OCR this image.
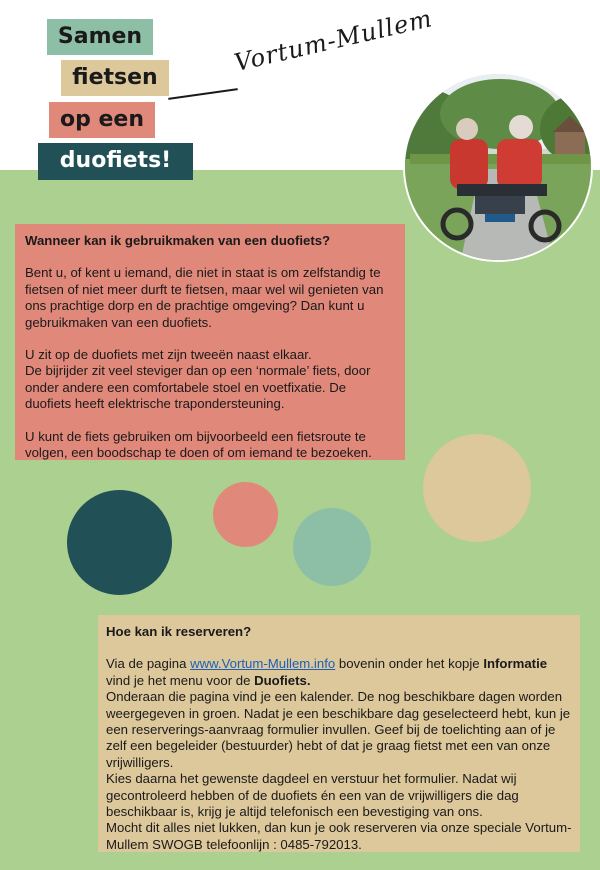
Samen
fietsen
op een
duofiets!
Vortum-Mullem

Wanneer kan ik gebruikmaken van een duofiets?

Bent u, of kent u iemand, die niet in staat is om zelfstandig te fietsen of niet meer durft te fietsen, maar wel wil genieten van ons prachtige dorp en de prachtige omgeving? Dan kunt u gebruikmaken van een duofiets.

U zit op de duofiets met zijn tweeën naast elkaar.

De bijrijder zit veel steviger dan op een ‘normale’ fiets, door onder andere een comfortabele stoel en voetfixatie. De duofiets heeft elektrische trapondersteuning.

U kunt de fiets gebruiken om bijvoorbeeld een fietsroute te volgen, een boodschap te doen of om iemand te bezoeken.

Hoe kan ik reserveren?

Via de pagina www.Vortum-Mullem.info bovenin onder het kopje Informatie
vind je het menu voor de Duofiets.

Onderaan die pagina vind je een kalender. De nog beschikbare dagen worden weergegeven in groen. Nadat je een beschikbare dag geselecteerd hebt, kun je een reserverings-aanvraag formulier invullen. Geef bij de toelichting aan of je zelf een begeleider (bestuurder) hebt of dat je graag fietst met een van onze vrijwilligers.

Kies daarna het gewenste dagdeel en verstuur het formulier. Nadat wij gecontroleerd hebben of de duofiets én een van de vrijwilligers die dag beschikbaar is, krijg je altijd telefonisch een bevestiging van ons.

Mocht dit alles niet lukken, dan kun je ook reserveren via onze speciale Vortum-Mullem SWOGB telefoonlijn : 0485-792013.
